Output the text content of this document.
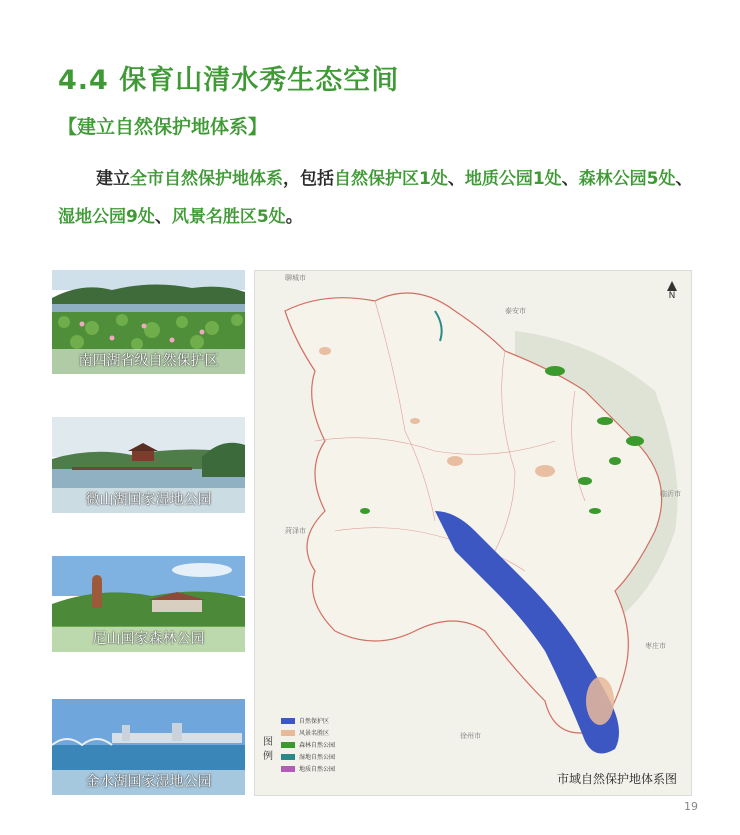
4.4 保育山清水秀生态空间
【建立自然保护地体系】

建立全市自然保护地体系，包括自然保护区1处、地质公园1处、森林公园5处、湿地公园9处、风景名胜区5处。

南四湖省级自然保护区
微山湖国家湿地公园
尼山国家森林公园
金水湖国家湿地公园
聊城市
泰安市
菏泽市
临沂市
枣庄市
徐州市
N
图例
自然保护区
风景名胜区
森林自然公园
湿地自然公园
地质自然公园
市域自然保护地体系图
19
